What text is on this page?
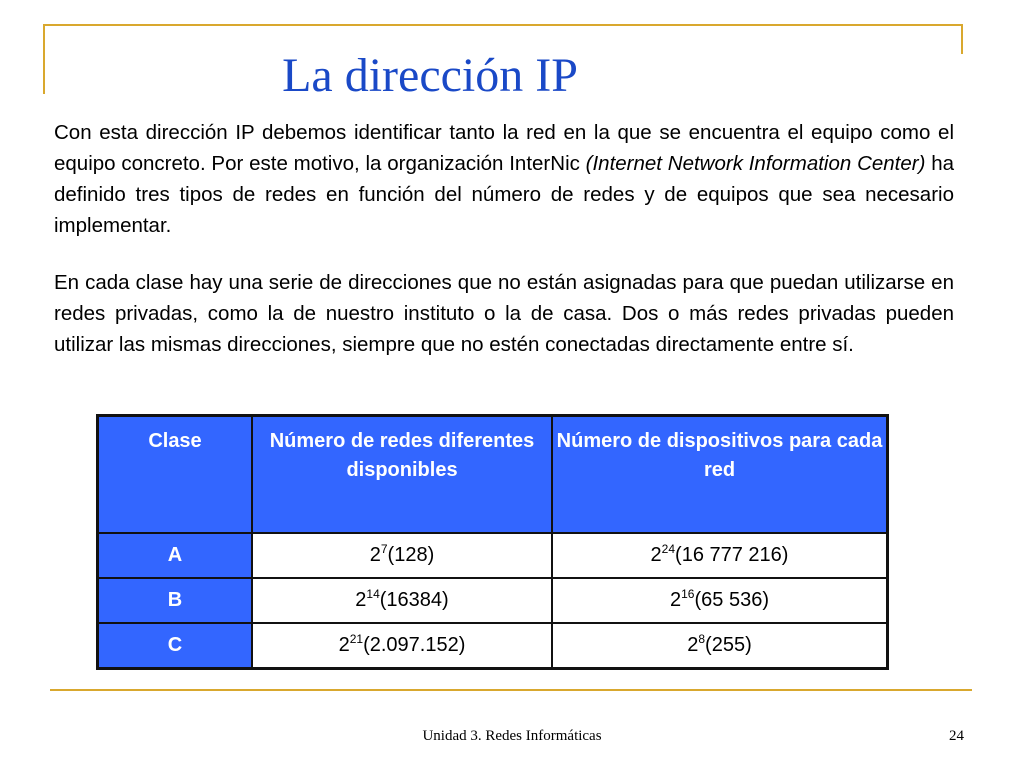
La dirección IP

Con esta dirección IP debemos identificar tanto la red en la que se encuentra el equipo como el equipo concreto. Por este motivo, la organización InterNic (Internet Network Information Center) ha definido tres tipos de redes en función del número de redes y de equipos que sea necesario implementar.

En cada clase hay una serie de direcciones que no están asignadas para que puedan utilizarse en redes privadas, como la de nuestro instituto o la de casa. Dos o más redes privadas pueden utilizar las mismas direcciones, siempre que no estén conectadas directamente entre sí.

Clase	Número de redes diferentes disponibles	Número de dispositivos para cada red
A	$2^7(128)$	$2^{24}(16$ 777 216)
B	$2^{14}(16384)$	$2^{16}(65$ 536)
C	$2^{21}(2.097.152)$	$2^8(255)$
Unidad 3. Redes Informáticas	24
